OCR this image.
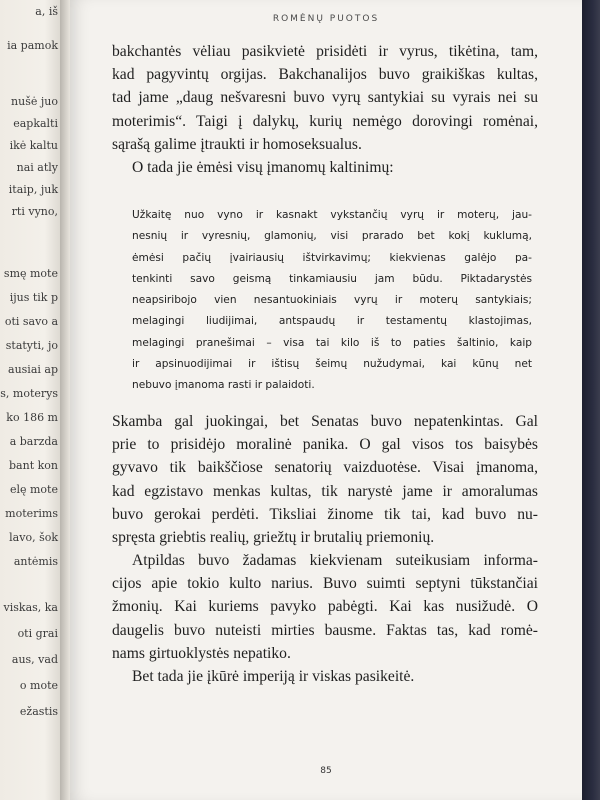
a, iš
ia pamok
nušė juo
eapkalti
ikė kaltu
nai atly
itaip, juk
rti vyno,
smę mote
ijus tik p
oti savo a
statyti, jo
ausiai ap
s, moterys
ko 186 m
a barzda
bant kon
elę mote
moterims
lavo, šok
antėmis
viskas, ka
oti grai
aus, vad
o mote
ežastis
ROMĖNŲ PUOTOS
bakchantės vėliau pasikvietė prisidėti ir vyrus, tikėtina, tam,
kad pagyvintų orgijas. Bakchanalijos buvo graikiškas kultas,
tad jame „daug nešvaresni buvo vyrų santykiai su vyrais nei su
moterimis“. Taigi į dalykų, kurių nemėgo dorovingi romėnai,
sąrašą galime įtraukti ir homoseksualus.
O tada jie ėmėsi visų įmanomų kaltinimų:
Užkaitę nuo vyno ir kasnakt vykstančių vyrų ir moterų, jau-
nesnių ir vyresnių, glamonių, visi prarado bet kokį kuklumą,
ėmėsi pačių įvairiausių ištvirkavimų; kiekvienas galėjo pa-
tenkinti savo geismą tinkamiausiu jam būdu. Piktadarystės
neapsiribojo vien nesantuokiniais vyrų ir moterų santykiais;
melagingi liudijimai, antspaudų ir testamentų klastojimas,
melagingi pranešimai – visa tai kilo iš to paties šaltinio, kaip
ir apsinuodijimai ir ištisų šeimų nužudymai, kai kūnų net
nebuvo įmanoma rasti ir palaidoti.
Skamba gal juokingai, bet Senatas buvo nepatenkintas. Gal
prie to prisidėjo moralinė panika. O gal visos tos baisybės
gyvavo tik baikščiose senatorių vaizduotėse. Visai įmanoma,
kad egzistavo menkas kultas, tik narystė jame ir amoralumas
buvo gerokai perdėti. Tiksliai žinome tik tai, kad buvo nu-
spręsta griebtis realių, griežtų ir brutalių priemonių.
Atpildas buvo žadamas kiekvienam suteikusiam informa-
cijos apie tokio kulto narius. Buvo suimti septyni tūkstančiai
žmonių. Kai kuriems pavyko pabėgti. Kai kas nusižudė. O
daugelis buvo nuteisti mirties bausme. Faktas tas, kad romė-
nams girtuoklystės nepatiko.
Bet tada jie įkūrė imperiją ir viskas pasikeitė.
85
